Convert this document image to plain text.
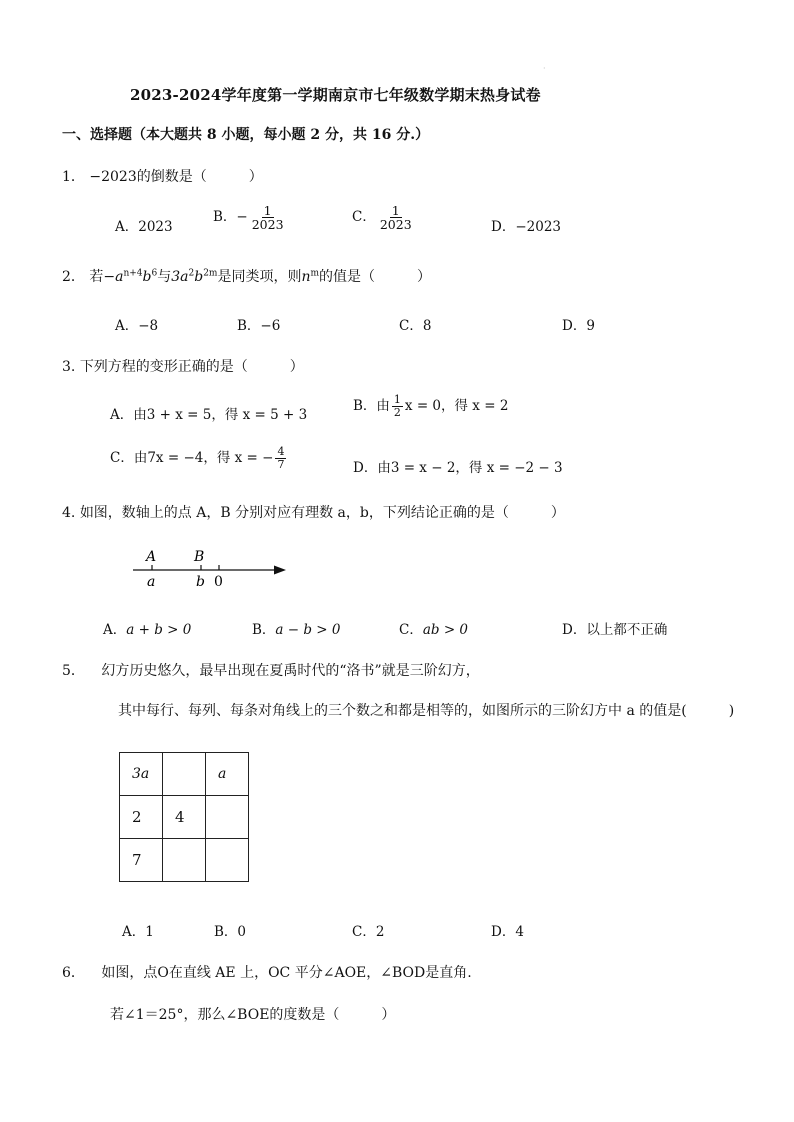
·
2023-2024学年度第一学期南京市七年级数学期末热身试卷
一、选择题（本大题共 8 小题，每小题 2 分，共 16 分.）
1． −2023的倒数是（　　　）
A．2023
B．− $\frac{1}{2023}$	C． $\frac{1}{2023}$	D．−2023
2． 若$-a^{n+4}b^6$与$3a^2b^{2m}$是同类项，则$n^m$的值是（　　　）
A．−8	B．−6	C．8	D．9
3. 下列方程的变形正确的是（　　　）
A．由3 + x = 5，得 x = 5 + 3
B．由 $\frac{1}{2}$ x = 0，得 x = 2
C．由7x = −4，得 x = − $\frac{4}{7}$	D．由3 = x − 2，得 x = −2 − 3
4. 如图，数轴上的点 A，B 分别对应有理数 a，b，下列结论正确的是（　　　）
A	B
a	b 0
A．a + b > 0	B．a − b > 0	C．ab > 0	D．以上都不正确
5． 幻方历史悠久，最早出现在夏禹时代的“洛书”就是三阶幻方，
其中每行、每列、每条对角线上的三个数之和都是相等的，如图所示的三阶幻方中 a 的值是(　　　)
3a		a
2	4	
7		
A．1	B．0	C．2	D．4
6． 如图，点O在直线 AE 上，OC 平分∠AOE，∠BOD是直角.
若∠1＝25°，那么∠BOE的度数是（　　　）
